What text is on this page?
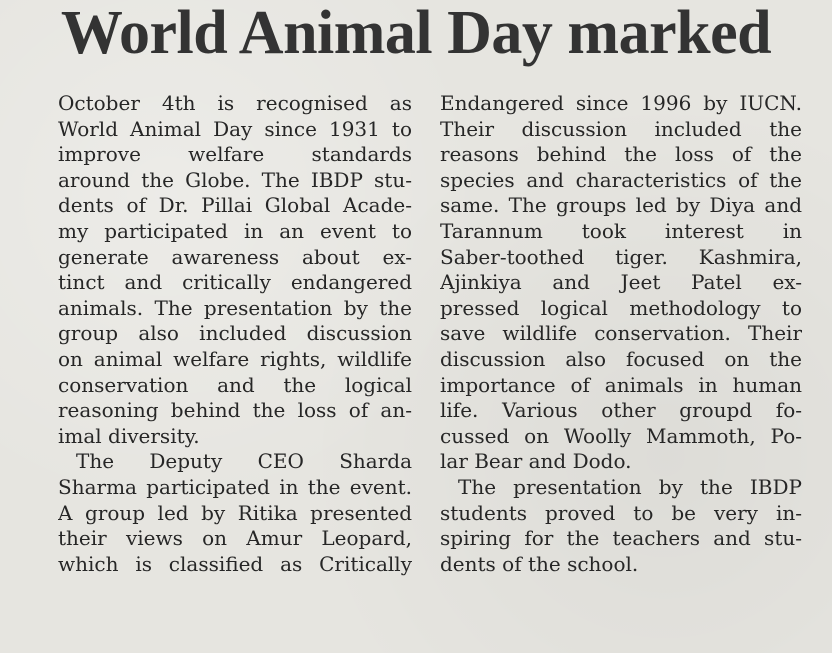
World Animal Day marked
October 4th is recognised as
World Animal Day since 1931 to
improve welfare standards
around the Globe. The IBDP stu-
dents of Dr. Pillai Global Acade-
my participated in an event to
generate awareness about ex-
tinct and critically endangered
animals. The presentation by the
group also included discussion
on animal welfare rights, wildlife
conservation and the logical
reasoning behind the loss of an-
imal diversity.
The Deputy CEO Sharda
Sharma participated in the event.
A group led by Ritika presented
their views on Amur Leopard,
which is classified as Critically
Endangered since 1996 by IUCN.
Their discussion included the
reasons behind the loss of the
species and characteristics of the
same. The groups led by Diya and
Tarannum took interest in
Saber-toothed tiger. Kashmira,
Ajinkiya and Jeet Patel ex-
pressed logical methodology to
save wildlife conservation. Their
discussion also focused on the
importance of animals in human
life. Various other groupd fo-
cussed on Woolly Mammoth, Po-
lar Bear and Dodo.
The presentation by the IBDP
students proved to be very in-
spiring for the teachers and stu-
dents of the school.
